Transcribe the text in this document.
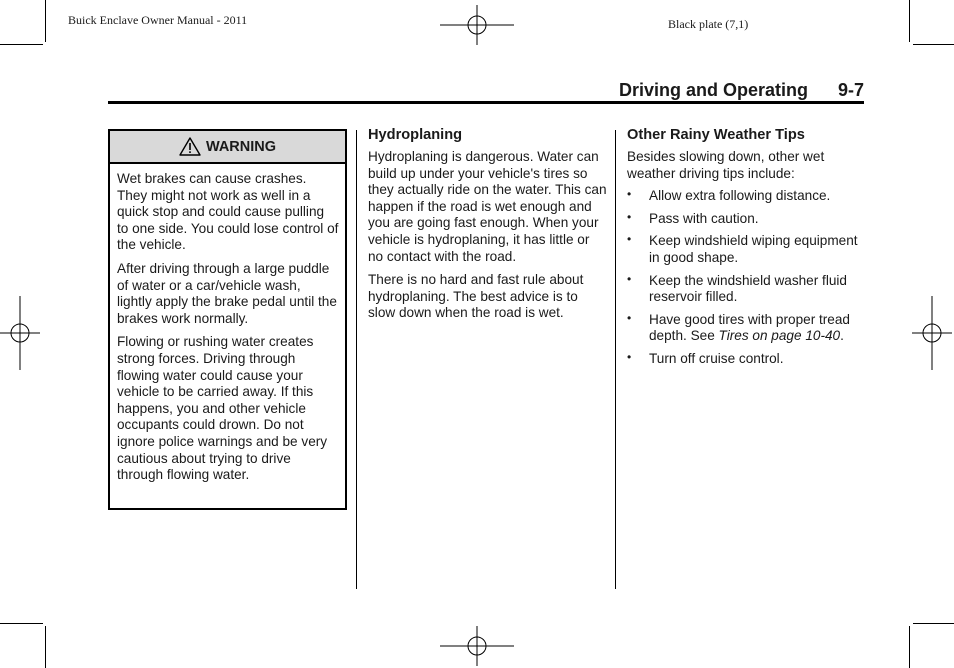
Buick Enclave Owner Manual - 2011	Black plate (7,1)
Driving and Operating 9-7
WARNING

Wet brakes can cause crashes. They might not work as well in a quick stop and could cause pulling to one side. You could lose control of the vehicle.

After driving through a large puddle of water or a car/vehicle wash, lightly apply the brake pedal until the brakes work normally.

Flowing or rushing water creates strong forces. Driving through flowing water could cause your vehicle to be carried away. If this happens, you and other vehicle occupants could drown. Do not ignore police warnings and be very cautious about trying to drive through flowing water.

Hydroplaning

Hydroplaning is dangerous. Water can build up under your vehicle's tires so they actually ride on the water. This can happen if the road is wet enough and you are going fast enough. When your vehicle is hydroplaning, it has little or no contact with the road.

There is no hard and fast rule about hydroplaning. The best advice is to slow down when the road is wet.

Other Rainy Weather Tips

Besides slowing down, other wet weather driving tips include:

• Allow extra following distance.
• Pass with caution.
• Keep windshield wiping equipment in good shape.
• Keep the windshield washer fluid reservoir filled.
• Have good tires with proper tread depth. See Tires on page 10-40.
• Turn off cruise control.
